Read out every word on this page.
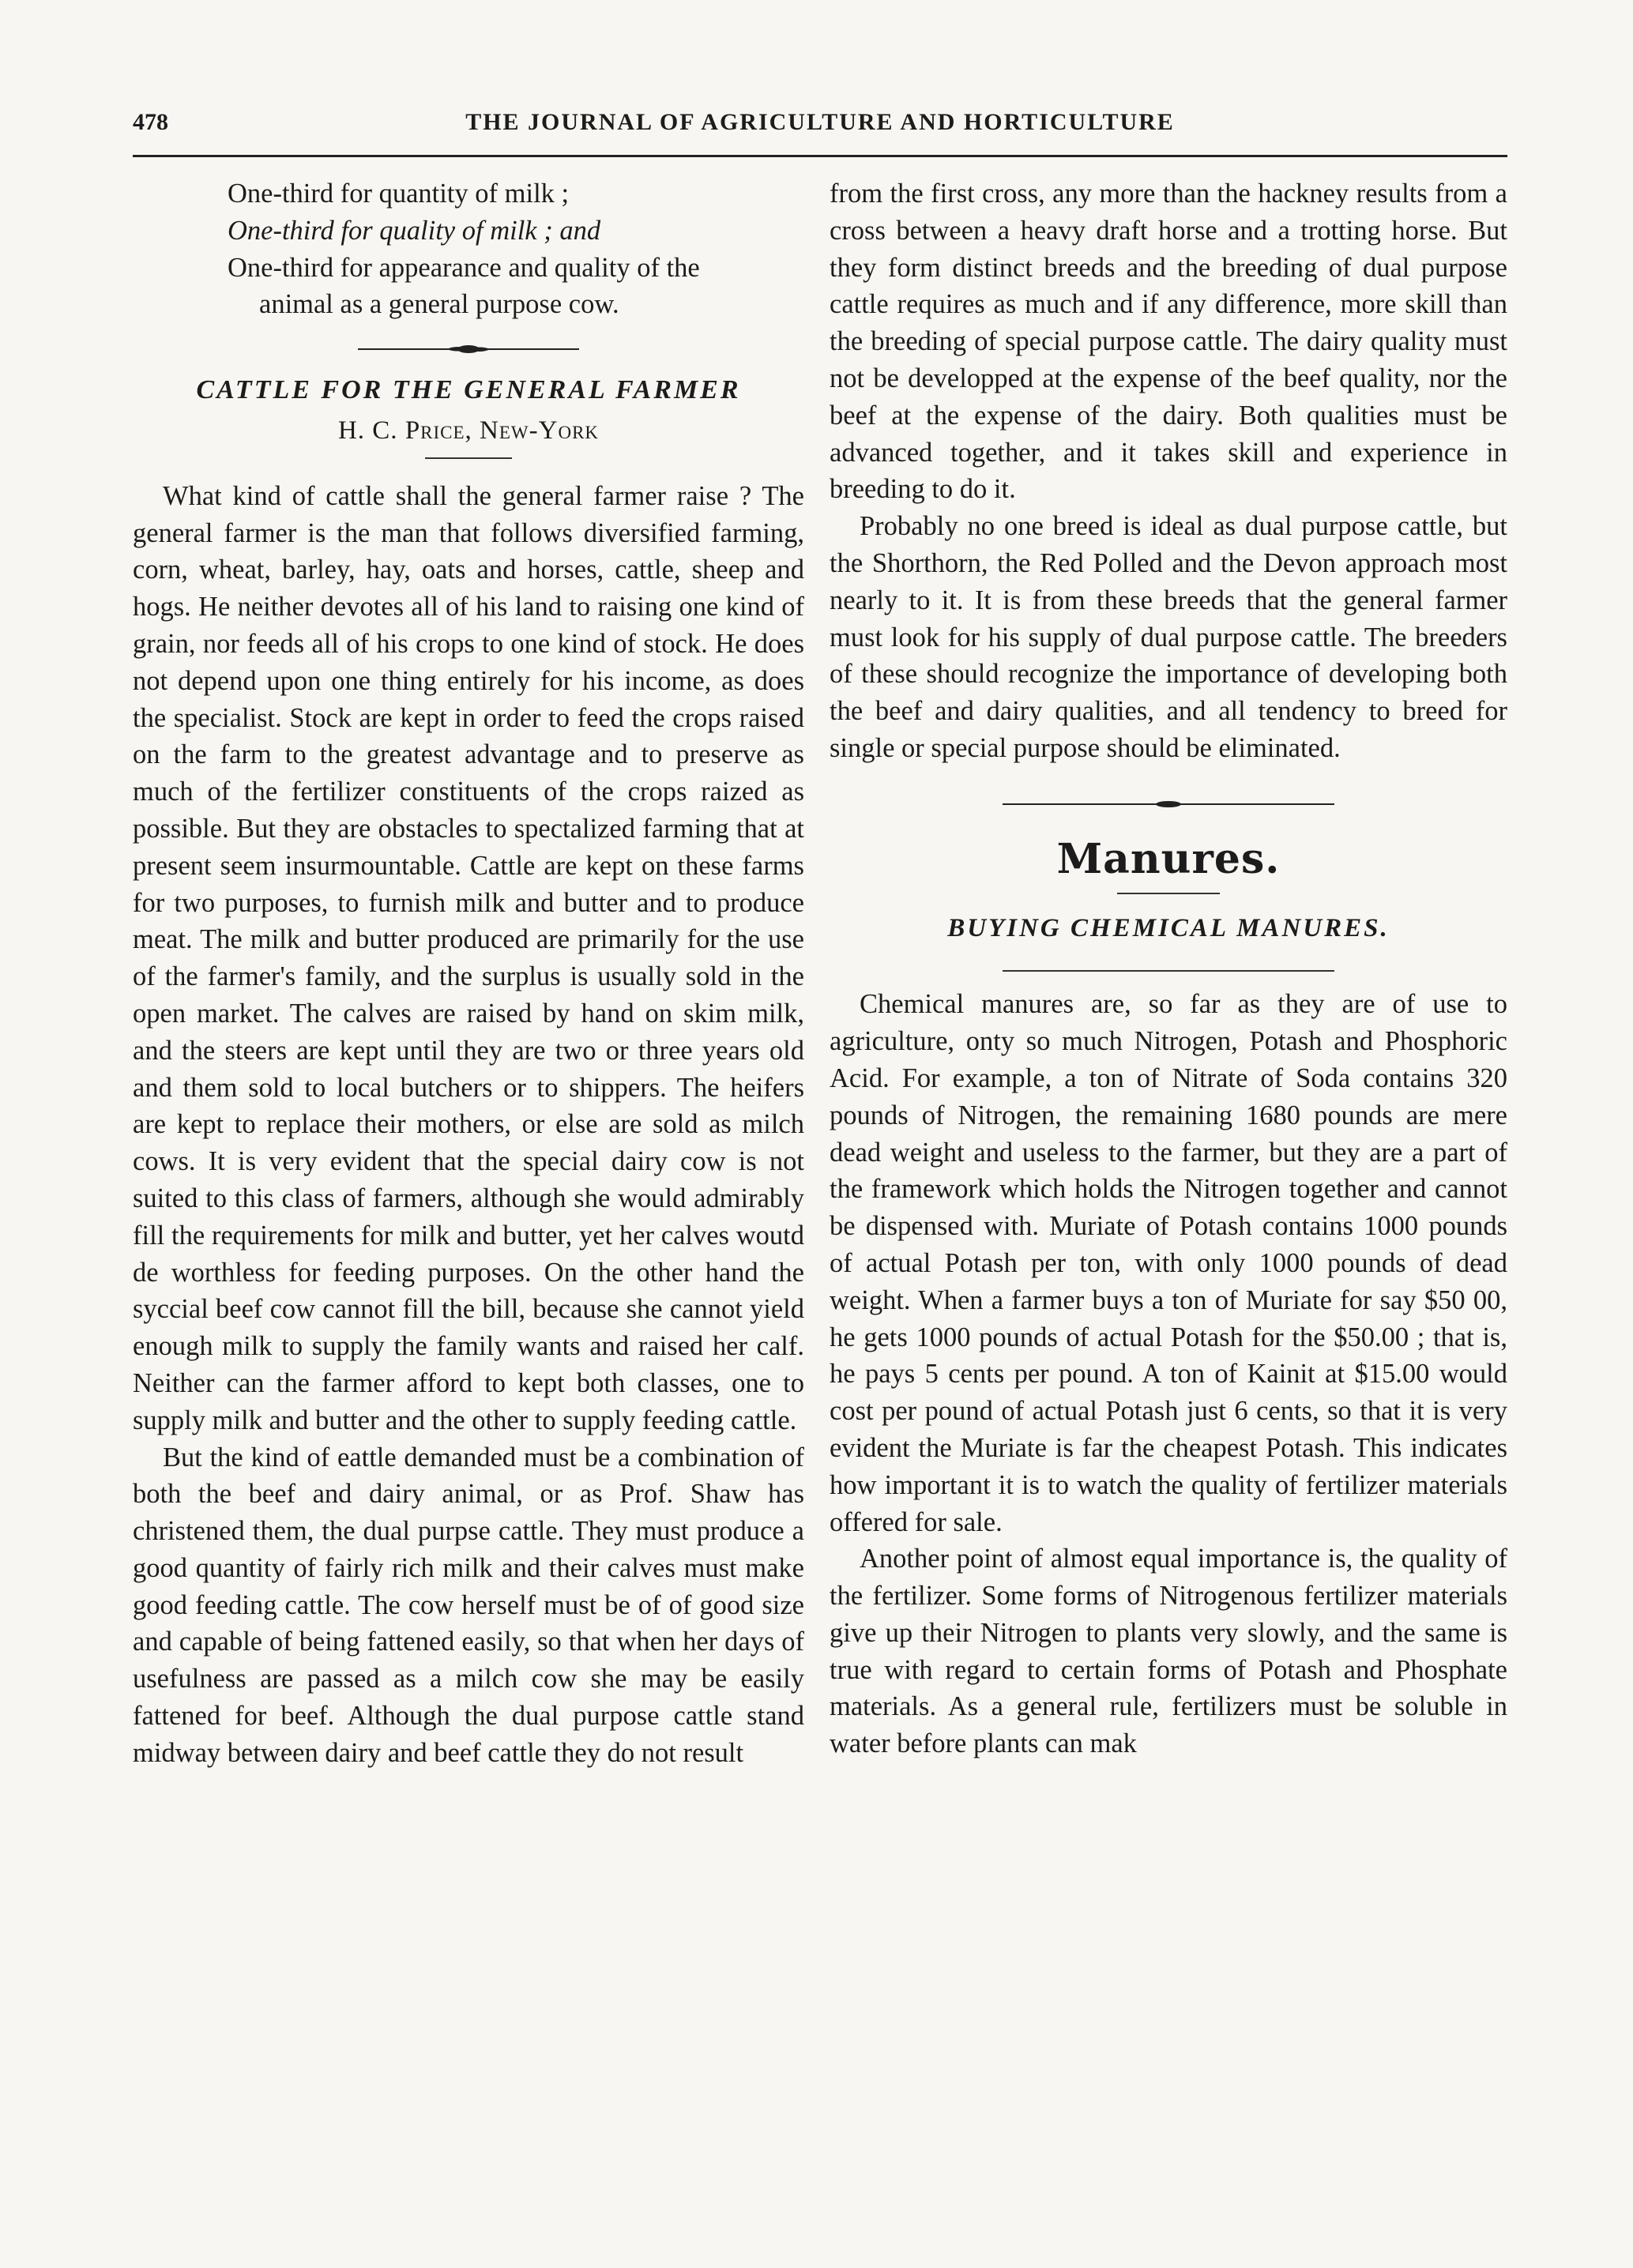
478	THE JOURNAL OF AGRICULTURE AND HORTICULTURE
One-third for quantity of milk ;
One-third for quality of milk ; and
One-third for appearance and quality of the
animal as a general purpose cow.
CATTLE FOR THE GENERAL FARMER
H. C. Price, New-York

What kind of cattle shall the general farmer raise ? The general farmer is the man that follows diversified farming, corn, wheat, barley, hay, oats and horses, cattle, sheep and hogs. He neither devotes all of his land to raising one kind of grain, nor feeds all of his crops to one kind of stock. He does not depend upon one thing entirely for his income, as does the specialist. Stock are kept in order to feed the crops raised on the farm to the greatest advantage and to preserve as much of the fertilizer constituents of the crops raized as possible. But they are obstacles to spectalized farming that at present seem insurmountable. Cattle are kept on these farms for two purposes, to furnish milk and butter and to produce meat. The milk and butter produced are primarily for the use of the farmer's family, and the surplus is usually sold in the open market. The calves are raised by hand on skim milk, and the steers are kept until they are two or three years old and them sold to local butchers or to shippers. The heifers are kept to replace their mothers, or else are sold as milch cows. It is very evident that the special dairy cow is not suited to this class of farmers, although she would admirably fill the requirements for milk and butter, yet her calves woutd de worthless for feeding purposes. On the other hand the syccial beef cow cannot fill the bill, because she cannot yield enough milk to supply the family wants and raised her calf. Neither can the farmer afford to kept both classes, one to supply milk and butter and the other to supply feeding cattle.

But the kind of eattle demanded must be a combination of both the beef and dairy animal, or as Prof. Shaw has christened them, the dual purpse cattle. They must produce a good quantity of fairly rich milk and their calves must make good feeding cattle. The cow herself must be of of good size and capable of being fattened easily, so that when her days of usefulness are passed as a milch cow she may be easily fattened for beef. Although the dual purpose cattle stand midway between dairy and beef cattle they do not result

from the first cross, any more than the hackney results from a cross between a heavy draft horse and a trotting horse. But they form distinct breeds and the breeding of dual purpose cattle requires as much and if any difference, more skill than the breeding of special purpose cattle. The dairy quality must not be developped at the expense of the beef quality, nor the beef at the expense of the dairy. Both qualities must be advanced together, and it takes skill and experience in breeding to do it.

Probably no one breed is ideal as dual purpose cattle, but the Shorthorn, the Red Polled and the Devon approach most nearly to it. It is from these breeds that the general farmer must look for his supply of dual purpose cattle. The breeders of these should recognize the importance of developing both the beef and dairy qualities, and all tendency to breed for single or special purpose should be eliminated.

Manures.
BUYING CHEMICAL MANURES.

Chemical manures are, so far as they are of use to agriculture, onty so much Nitrogen, Potash and Phosphoric Acid. For example, a ton of Nitrate of Soda contains 320 pounds of Nitrogen, the remaining 1680 pounds are mere dead weight and useless to the farmer, but they are a part of the framework which holds the Nitrogen together and cannot be dispensed with. Muriate of Potash contains 1000 pounds of actual Potash per ton, with only 1000 pounds of dead weight. When a farmer buys a ton of Muriate for say $50 00, he gets 1000 pounds of actual Potash for the $50.00 ; that is, he pays 5 cents per pound. A ton of Kainit at $15.00 would cost per pound of actual Potash just 6 cents, so that it is very evident the Muriate is far the cheapest Potash. This indicates how important it is to watch the quality of fertilizer materials offered for sale.

Another point of almost equal importance is, the quality of the fertilizer. Some forms of Nitrogenous fertilizer materials give up their Nitrogen to plants very slowly, and the same is true with regard to certain forms of Potash and Phosphate materials. As a general rule, fertilizers must be soluble in water before plants can mak
